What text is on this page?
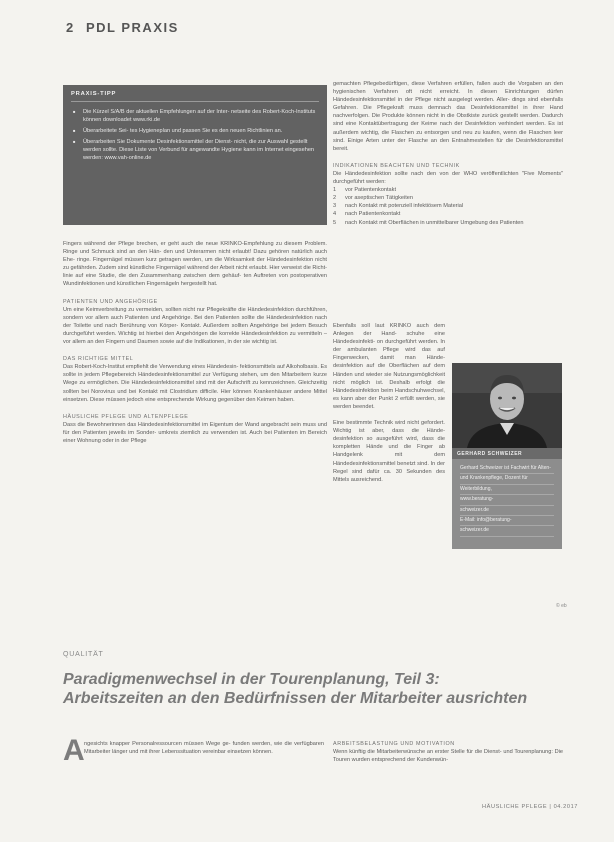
2 PDL PRAXIS
PRAXIS-TIPP
■ Die Kürzel S/A/B der aktuellen Empfehlungen auf der Inter- netseite des Robert-Koch-Instituts können downloadet www.rki.de
■ Überarbeitete Sei- tes Hygieneplan und passen Sie es den neuen Richtlinien an.
■ Überarbeiten Sie Dokumente Desinfektionsmittel der Dienst- nicht, die zur Auswahl gestellt werden sollte. Diese Liste von Verbund für angewandte Hygiene kann im Internet eingesehen werden: www.vah-online.de

Fingers während der Pflege brechen, er geht auch die neue KRINKO-Empfehlung zu diesem Problem. Ringe und Schmuck sind an den Hän- den und Unterarmen nicht erlaubt! Dazu gehören natürlich auch Ehe- ringe. Fingernägel müssen kurz getragen werden, um die Wirksamkeit der Händedesinfektion nicht zu gefährden. Zudem sind künstliche Fingernägel während der Arbeit nicht erlaubt. Hier verweist die Richt- linie auf eine Studie, die den Zusammenhang zwischen dem gehäuf- ten Auftreten von postoperativen Wundinfektionen und künstlichen Fingernägeln hergestellt hat.

PATIENTEN UND ANGEHÖRIGE

Um eine Keimverbreitung zu vermeiden, sollten nicht nur Pflegekräfte die Händedesinfektion durchführen, sondern vor allem auch Patienten und Angehörige. Bei den Patienten sollte die Händedesinfektion nach der Toilette und nach Berührung von Körper- Kontakt. Außerdem sollten Angehörige bei jedem Besuch durchgeführt werden. Wichtig ist hierbei den Angehörigen die korrekte Händedesinfektion zu vermitteln – vor allem an den Fingern und Daumen sowie auf die Indikationen, in der sie wichtig ist.

DAS RICHTIGE MITTEL

Das Robert-Koch-Institut empfiehlt die Verwendung eines Händedesin- fektionsmittels auf Alkoholbasis. Es sollte in jedem Pflegebereich Händedesinfektionsmittel zur Verfügung stehen, um den Mitarbeitern kurze Wege zu ermöglichen. Die Händedesinfektionsmittel sind mit der Aufschrift zu kennzeichnen. Gleichzeitig sollten bei Norovirus und bei Kontakt mit Clostridium difficile. Hier können Krankenhäuser andere Mittel einsetzen. Diese müssen jedoch eine entsprechende Wirkung gegenüber den Keimen haben.

HÄUSLICHE PFLEGE UND ALTENPFLEGE

Dass die Bewohnerinnen das Händedesinfektionsmittel im Eigentum der Wand angebracht sein muss und für den Patienten jeweils im Sonder- umkreis ziemlich zu verwenden ist. Auch bei Patienten im Bereich einer Wohnung oder in der Pflege

gemachten Pflegebedürftigen, diese Verfahren erfüllen, fallen auch die Vorgaben an den hygienischen Verfahren oft nicht erreicht. In diesen Einrichtungen dürfen Händedesinfektionsmittel in der Pflege nicht ausgelegt werden. Aller- dings sind ebenfalls Gefahren. Die Pflegekraft muss demnach das Desinfektionsmittel in ihrer Hand nachverfolgen. Die Produkte können nicht in die Obstkiste zurück gestellt werden. Dadurch sind eine Kontaktübertragung der Keime nach der Desinfektion verhindert werden. Es ist außerdem wichtig, die Flaschen zu entsorgen und neu zu kaufen, wenn die Flaschen leer sind. Einige Arten unter der Flasche an den Entnahmestellen für die Desinfektionsmittel bereit.

INDIKATIONEN BEACHTEN UND TECHNIK

Die Händedesinfektion sollte nach den von der WHO veröffentlichten "Five Moments" durchgeführt werden:

1 vor Patientenkontakt
2 vor aseptischen Tätigkeiten
3 nach Kontakt mit potenziell infektiösem Material
4 nach Patientenkontakt
5 nach Kontakt mit Oberflächen in unmittelbarer Umgebung des Patienten

Ebenfalls soll laut KRINKO auch dem Anlegen der Hand- schuhe eine Händedesinfekti- on durchgeführt werden. In der ambulanten Pflege wird das auf Fingerwecken, damit man Hände- desinfektion auf die Oberflächen auf dem Händen und wieder sie Nutzungsmöglichkeit nicht möglich ist. Deshalb erfolgt die Händedesinfektion beim Handschuhwechsel, es kann aber der Punkt 2 erfüllt werden, sie werden beendet.

Eine bestimmte Technik wird nicht gefordert. Wichtig ist aber, dass die Hände- desinfektion so ausgeführt wird, dass die kompletten Hände und die Finger ab Handgelenk mit dem Händedesinfektionsmittel benetzt sind. In der Regel sind dafür ca. 30 Sekunden des Mittels ausreichend.

GERHARD SCHWEIZER
Gerhard Schweizer ist Fachwirt für Alten-
und Krankenpflege, Dozent für
Weiterbildung,
www.beratung-
schweizer.de
E-Mail: info@beratung-
schweizer.de
© eb
QUALITÄT
Paradigmenwechsel in der Tourenplanung, Teil 3:
Arbeitszeiten an den Bedürfnissen der Mitarbeiter ausrichten
A ngesichts knapper Personalressourcen müssen Wege ge- funden werden, wie die verfügbaren Mitarbeiter länger und mit ihrer Lebenssituation vereinbar einsetzen können.

ARBEITSBELASTUNG UND MOTIVATION

Wenn künftig die Mitarbeiterwünsche an erster Stelle für die Dienst- und Tourenplanung: Die Touren wurden entsprechend der Kundenwün-

HÄUSLICHE PFLEGE | 04.2017
